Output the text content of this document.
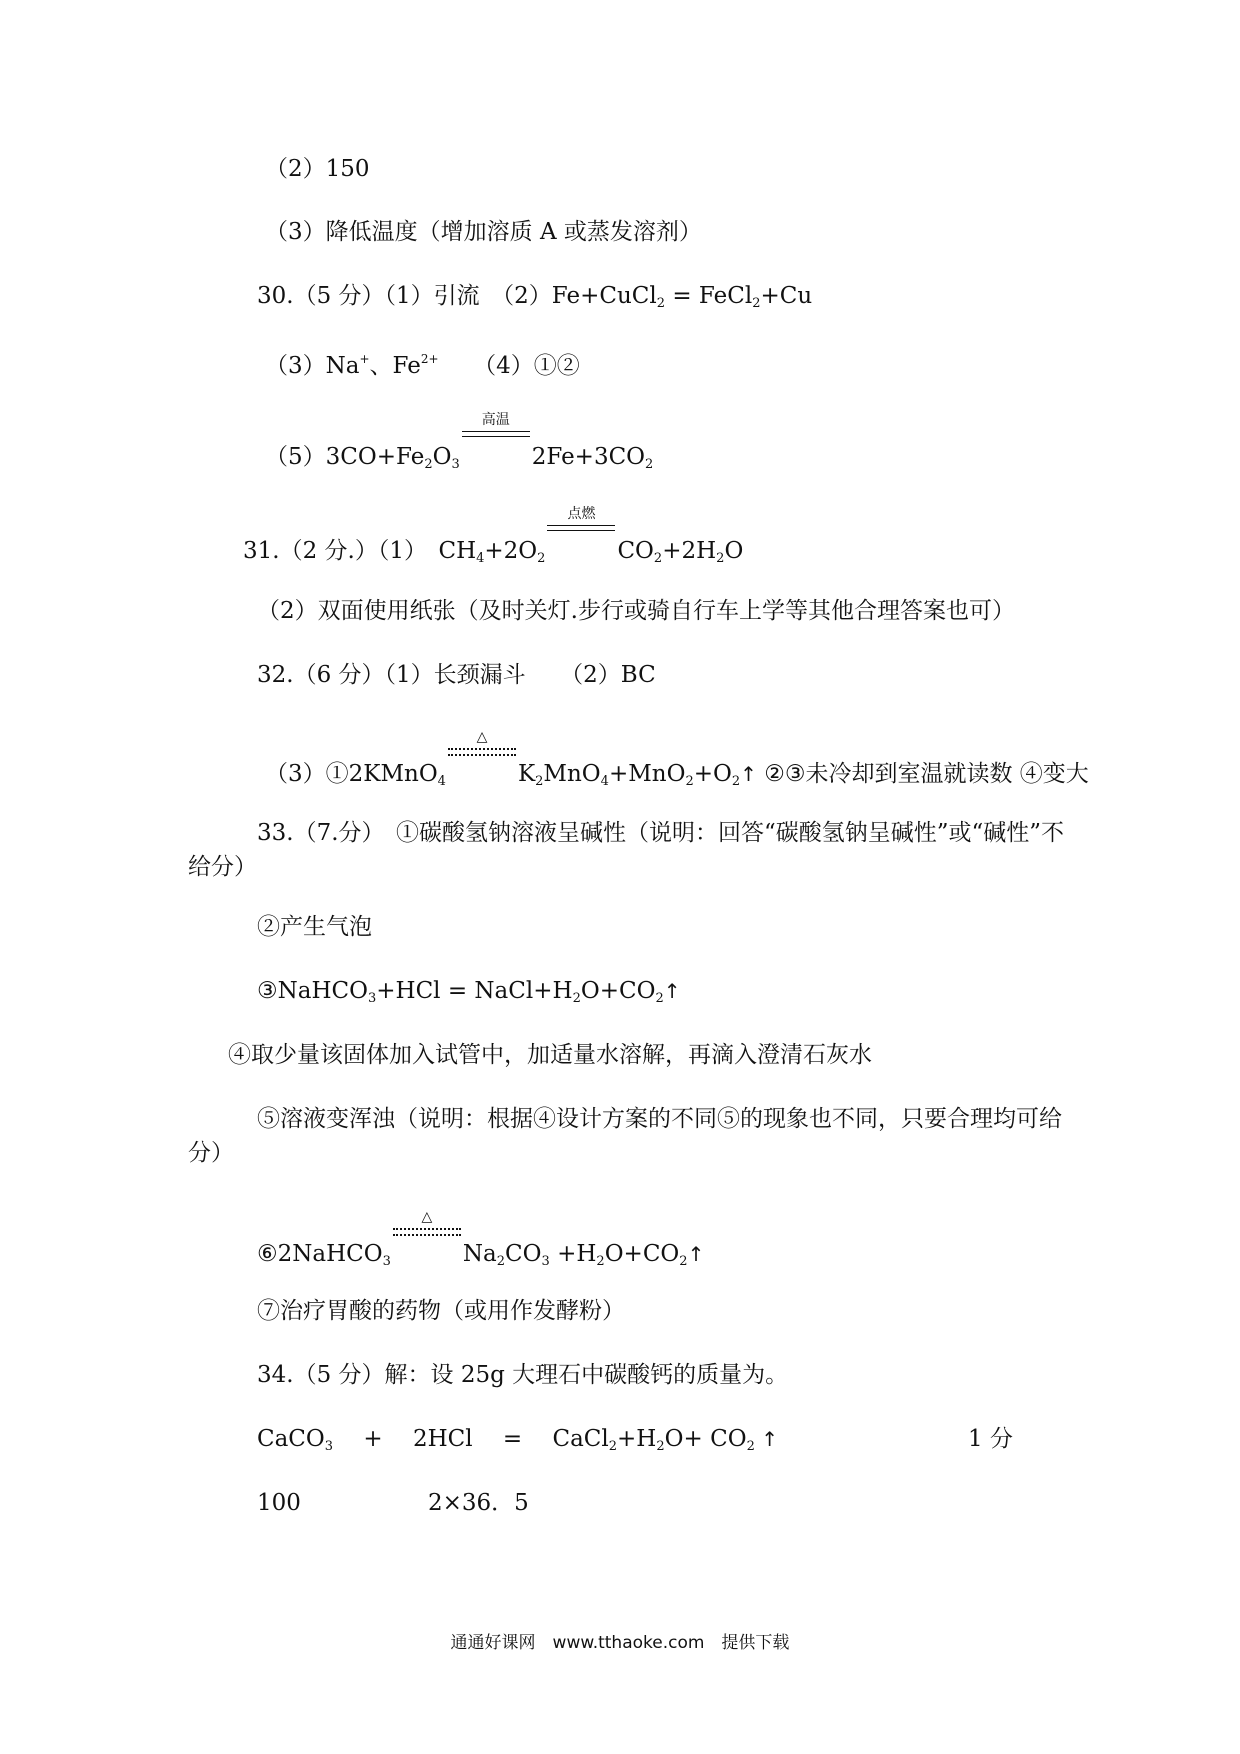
（2）150
（3）降低温度（增加溶质 A 或蒸发溶剂）
30.（5 分）（1）引流　（2）Fe+CuCl$_2$ = FeCl$_2$+Cu
（3）Na+、$Fe^{2+}$　　（4）①②
$(5)3CO+Fe_2O_3$
高温
$2Fe+3CO_2$
31.（2 分.）（1）　$CH_4+2O_2$
点燃
$CO_2+2H_2O$
（2）双面使用纸张（及时关灯.步行或骑自行车上学等其他合理答案也可）
32.（6 分）（1）长颈漏斗　　（2）BC
（3）①2KMnO$_4$
△
$K_2MnO_4+MnO_2+O_2↑$ ②③未冷却到室温就读数 ④变大
33.（7.分）　①碳酸氢钠溶液呈碱性（说明：回答“碳酸氢钠呈碱性”或“碱性”不给分）
②产生气泡
③NaHCO$_3$+HCl = $NaCl+H_2O+CO_2↑$
④取少量该固体加入试管中，加适量水溶解，再滴入澄清石灰水
⑤溶液变浑浊（说明：根据④设计方案的不同⑤的现象也不同，只要合理均可给分）
⑥2NaHCO$_3$
△
$Na_2CO_3$ $+H_2O+CO_2↑$
⑦治疗胃酸的药物（或用作发酵粉）
34.（5 分）解：设 25g 大理石中碳酸钙的质量为。
CaCO$_3$　 +　 2HCl　 =　 $CaCl_2+H_2O+ CO_2$ ↑	1 分
100	2×36．5
通通好课网　www.tthaoke.com　提供下载
